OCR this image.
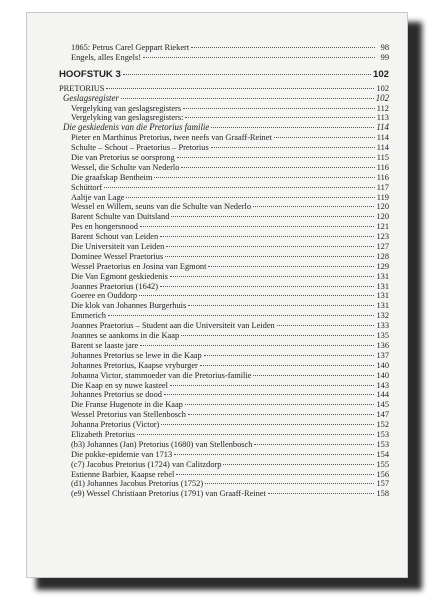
1865: Petrus Carel Geppart Riekert	98
Engels, alles Engels!	99
HOOFSTUK 3	102
PRETORIUS	102
Geslagsregister	102
Vergelyking van geslagsregisters	112
Vergelyking van geslagsregisters:	113
Die geskiedenis van die Pretorius familie	114
Pieter en Marthinus Pretorius, twee neefs van Graaff-Reinet	114
Schulte – Schout – Praetorius – Pretorius	114
Die van Pretorius se oorsprong	115
Wessel, die Schulte van Nederlo	116
Die graafskap Bentheim	116
Schüttorf	117
Aaltje van Lage	119
Wessel en Willem, seuns van die Schulte van Nederlo	120
Barent Schulte van Duitsland	120
Pes en hongersnood	121
Barent Schout van Leiden	123
Die Universiteit van Leiden	127
Dominee Wessel Praetorius	128
Wessel Praetorius en Josina van Egmont	129
Die Van Egmont geskiedenis	131
Joannes Praetorius (1642)	131
Goeree en Ouddorp	131
Die klok van Johannes Burgerhuis	131
Emmerich	132
Joannes Praetorius – Student aan die Universiteit van Leiden	133
Joannes se aankoms in die Kaap	135
Barent se laaste jare	136
Johannes Pretorius se lewe in die Kaap	137
Johannes Pretorius, Kaapse vryburger	140
Johanna Victor, stammoeder van die Pretorius-familie	140
Die Kaap en sy nuwe kasteel	143
Johannes Pretorius se dood	144
Die Franse Hugenote in die Kaap	145
Wessel Pretorius van Stellenbosch	147
Johanna Pretorius (Victor)	152
Elizabeth Pretorius	153
(b3) Johannes (Jan) Pretorius (1680) van Stellenbosch	153
Die pokke-epidemie van 1713	154
(c7) Jacobus Pretorius (1724) van Calitzdorp	155
Estienne Barbier, Kaapse rebel	156
(d1) Johannes Jacobus Pretorius (1752)	157
(e9) Wessel Christiaan Pretorius (1791) van Graaff-Reinet	158
